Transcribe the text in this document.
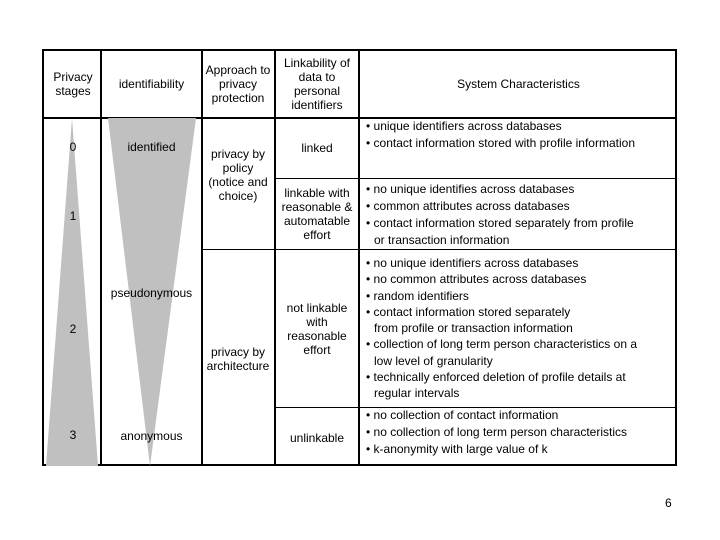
Privacy stages	identifiability
Approach to privacy protection
Linkability of data to personal identifiers
System Characteristics
0
1
2
3
identified
pseudonymous
anonymous
privacy by policy (notice and choice)
privacy by architecture
linked
linkable with reasonable & automatable effort
not linkable with reasonable effort
unlinkable
• unique identifiers across databases
• contact information stored with profile information
• no unique identifies across databases
• common attributes across databases
• contact information stored separately from profile
or transaction information
• no unique identifiers across databases
• no common attributes across databases
• random identifiers
• contact information stored separately
from profile or transaction information
• collection of long term person characteristics on a
low level of granularity
• technically enforced deletion of profile details at
regular intervals
• no collection of contact information
• no collection of long term person characteristics
• k-anonymity with large value of k
6
